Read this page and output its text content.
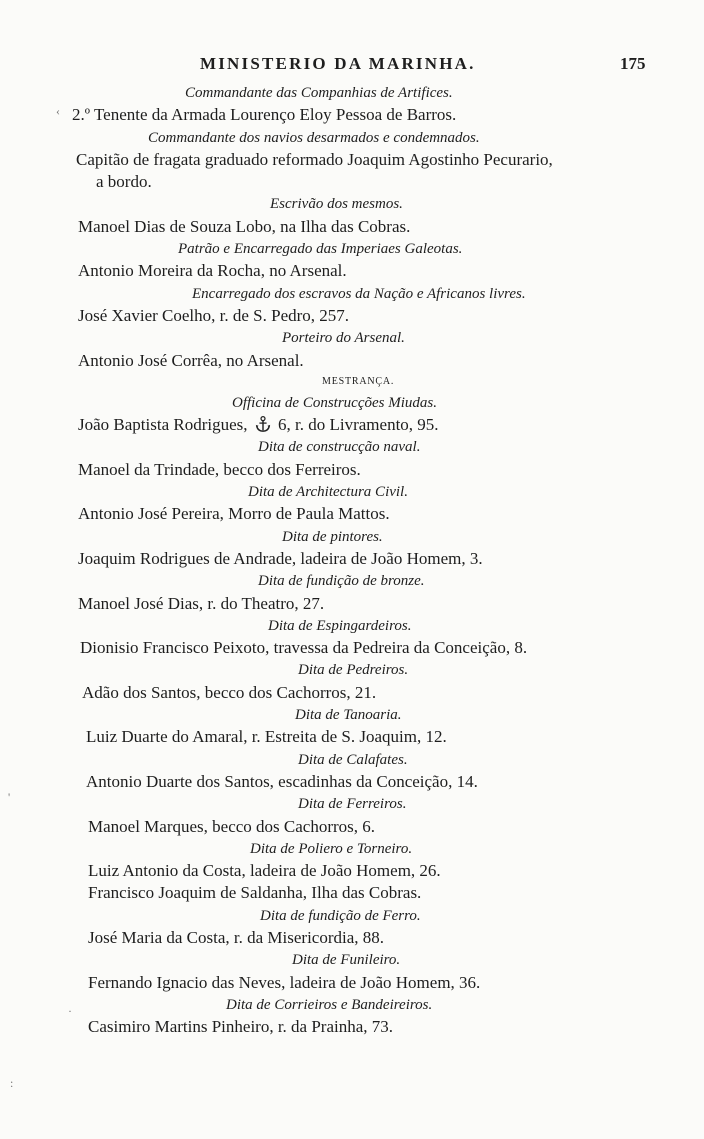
MINISTERIO DA MARINHA.	175
Commandante das Companhias de Artifices.
2.º Tenente da Armada Lourenço Eloy Pessoa de Barros.
Commandante dos navios desarmados e condemnados.
Capitão de fragata graduado reformado Joaquim Agostinho Pecurario,
a bordo.
Escrivão dos mesmos.
Manoel Dias de Souza Lobo, na Ilha das Cobras.
Patrão e Encarregado das Imperiaes Galeotas.
Antonio Moreira da Rocha, no Arsenal.
Encarregado dos escravos da Nação e Africanos livres.
José Xavier Coelho, r. de S. Pedro, 257.
Porteiro do Arsenal.
Antonio José Corrêa, no Arsenal.
MESTRANÇA.
Officina de Construcções Miudas.
João Baptista Rodrigues, 6, r. do Livramento, 95.
Dita de construcção naval.
Manoel da Trindade, becco dos Ferreiros.
Dita de Architectura Civil.
Antonio José Pereira, Morro de Paula Mattos.
Dita de pintores.
Joaquim Rodrigues de Andrade, ladeira de João Homem, 3.
Dita de fundição de bronze.
Manoel José Dias, r. do Theatro, 27.
Dita de Espingardeiros.
Dionisio Francisco Peixoto, travessa da Pedreira da Conceição, 8.
Dita de Pedreiros.
Adão dos Santos, becco dos Cachorros, 21.
Dita de Tanoaria.
Luiz Duarte do Amaral, r. Estreita de S. Joaquim, 12.
Dita de Calafates.
Antonio Duarte dos Santos, escadinhas da Conceição, 14.
Dita de Ferreiros.
Manoel Marques, becco dos Cachorros, 6.
Dita de Poliero e Torneiro.
Luiz Antonio da Costa, ladeira de João Homem, 26.
Francisco Joaquim de Saldanha, Ilha das Cobras.
Dita de fundição de Ferro.
José Maria da Costa, r. da Misericordia, 88.
Dita de Funileiro.
Fernando Ignacio das Neves, ladeira de João Homem, 36.
Dita de Corrieiros e Bandeireiros.
Casimiro Martins Pinheiro, r. da Prainha, 73.
‹
·
'
:
